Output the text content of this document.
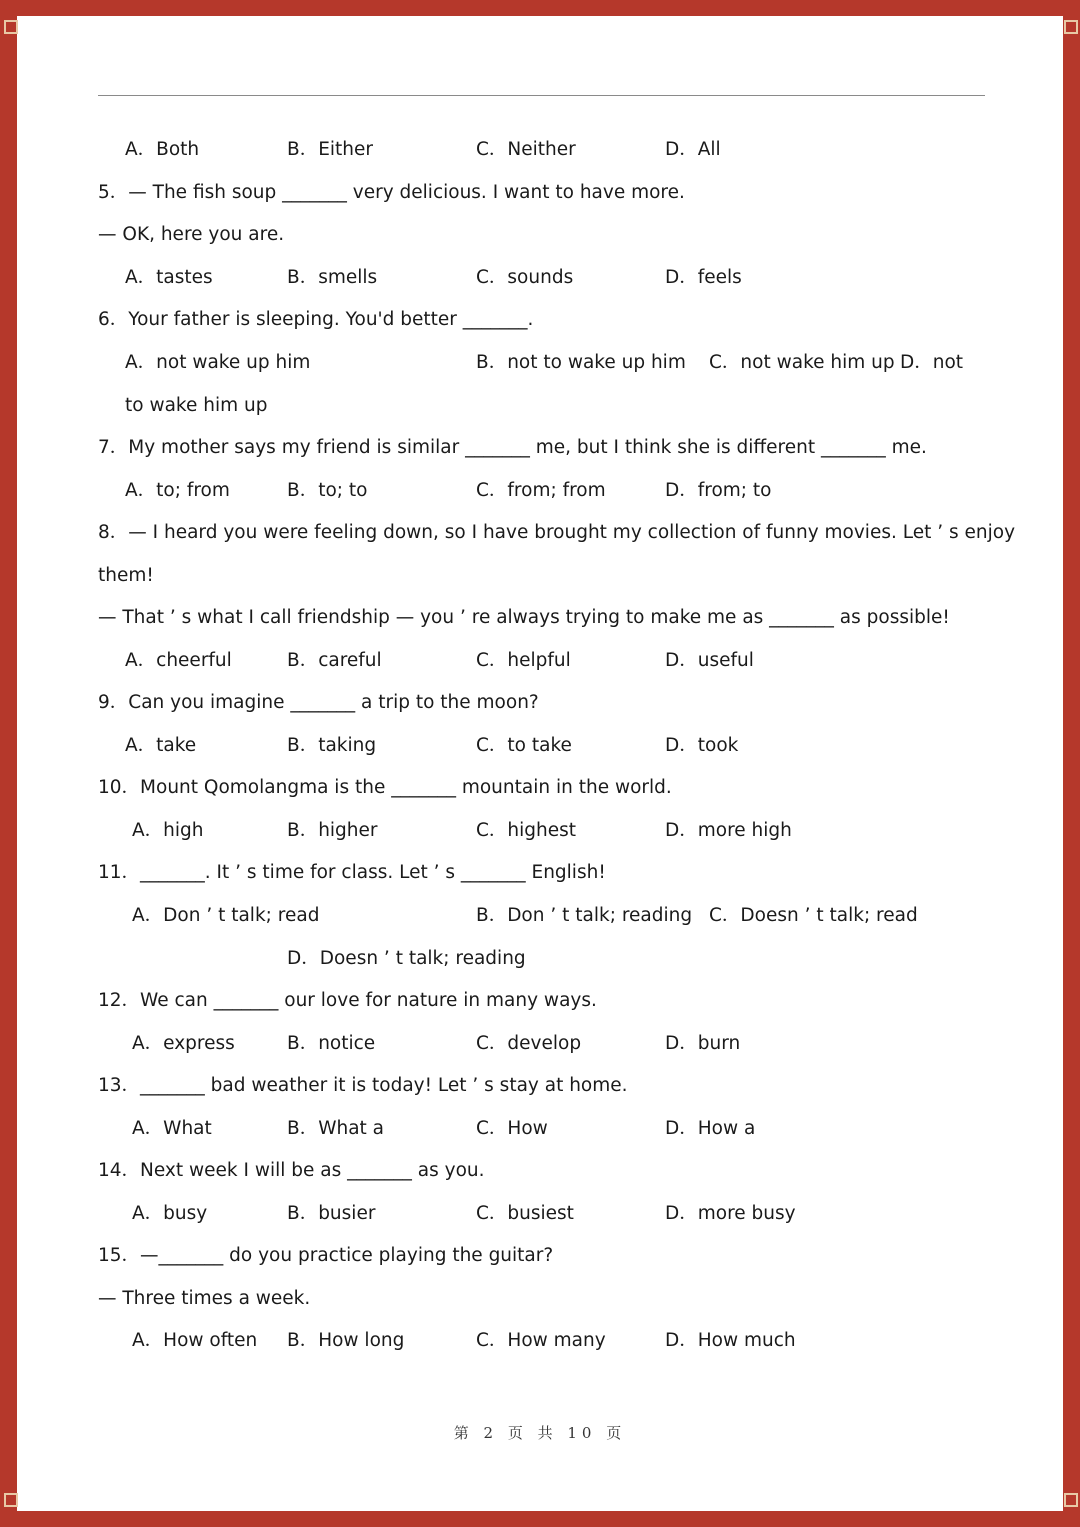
A．Both	B．Either	C．Neither	D．All
5．— The fish soup _______ very delicious. I want to have more.
— OK, here you are.
A．tastes	B．smells	C．sounds	D．feels
6．Your father is sleeping. You'd better _______.
A．not wake up him	B．not to wake up him C．not wake him up D．not
to wake him up
7．My mother says my friend is similar _______ me, but I think she is different _______ me.
A．to; from	B．to; to	C．from; from	D．from; to
8．— I heard you were feeling down, so I have brought my collection of funny movies. Let ’ s enjoy
them!
— That ’ s what I call friendship — you ’ re always trying to make me as _______ as possible!
A．cheerful	B．careful	C．helpful	D．useful
9．Can you imagine _______ a trip to the moon?
A．take	B．taking	C．to take	D．took
10．Mount Qomolangma is the _______ mountain in the world.
A．high	B．higher	C．highest	D．more high
11．_______. It ’ s time for class. Let ’ s _______ English!
A．Don ’ t talk; read	B．Don ’ t talk; reading C．Doesn ’ t talk; read
D．Doesn ’ t talk; reading
12．We can _______ our love for nature in many ways.
A．express	B．notice	C．develop	D．burn
13．_______ bad weather it is today! Let ’ s stay at home.
A．What	B．What a	C．How	D．How a
14．Next week I will be as _______ as you.
A．busy	B．busier	C．busiest	D．more busy
15．—_______ do you practice playing the guitar?
— Three times a week.
A．How often B．How long	C．How many	D．How much
第 2 页 共 10 页
